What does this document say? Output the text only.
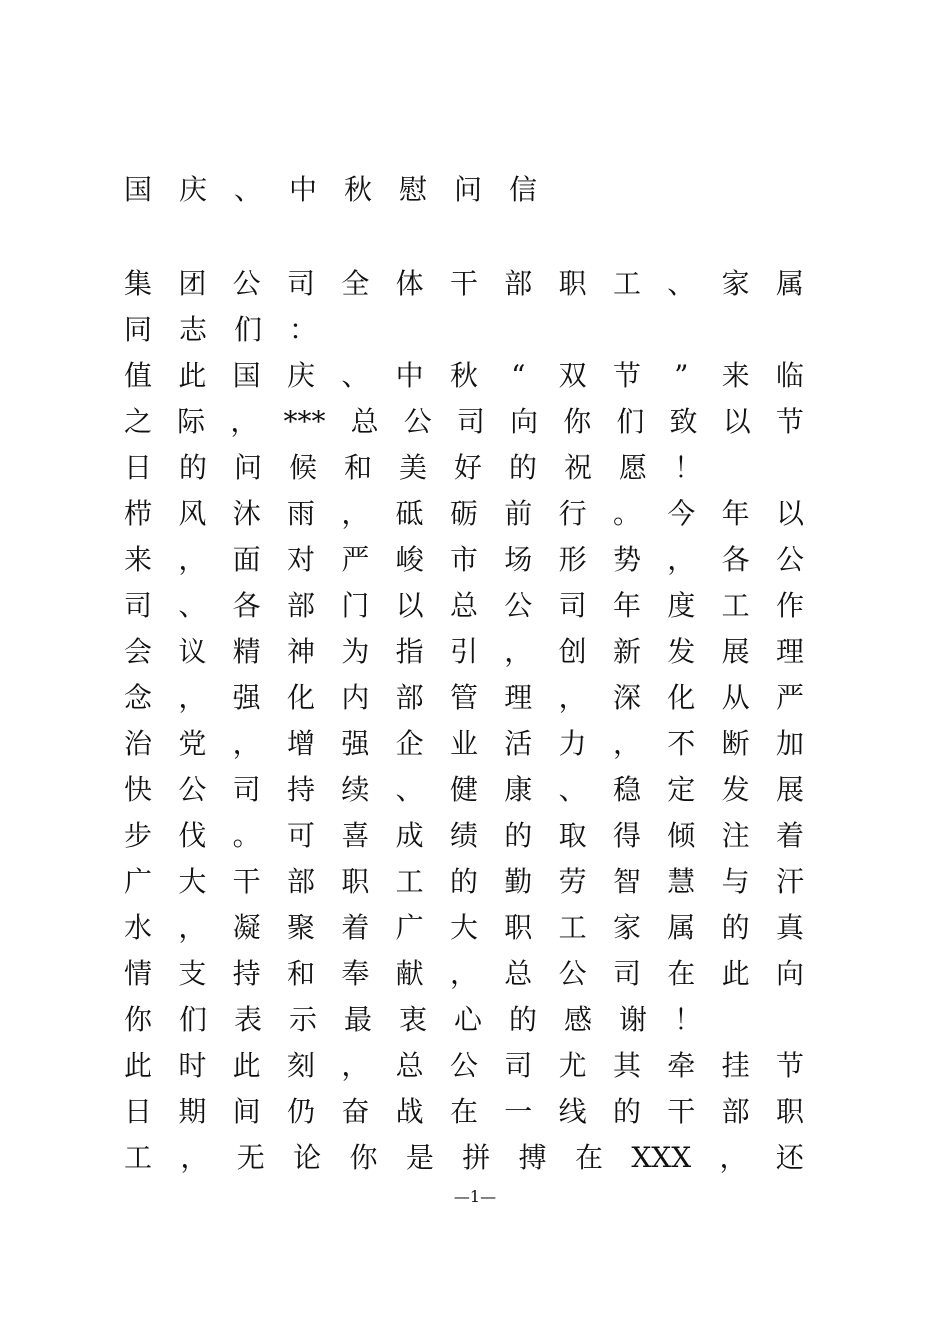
国庆、中秋慰问信
集 团 公 司 全 体 干 部 职 工 、 家 属
同志们：
值 此 国 庆 、 中 秋 “ 双 节 ” 来 临
之 际 ， *** 总 公 司 向 你 们 致 以 节
日的问候和美好的祝愿！
栉 风 沐 雨 ， 砥 砺 前 行 。 今 年 以
来 ， 面 对 严 峻 市 场 形 势 ， 各 公
司 、 各 部 门 以 总 公 司 年 度 工 作
会 议 精 神 为 指 引 ， 创 新 发 展 理
念 ， 强 化 内 部 管 理 ， 深 化 从 严
治 党 ， 增 强 企 业 活 力 ， 不 断 加
快 公 司 持 续 、 健 康 、 稳 定 发 展
步 伐 。 可 喜 成 绩 的 取 得 倾 注 着
广 大 干 部 职 工 的 勤 劳 智 慧 与 汗
水 ， 凝 聚 着 广 大 职 工 家 属 的 真
情 支 持 和 奉 献 ， 总 公 司 在 此 向
你们表示最衷心的感谢！
此 时 此 刻 ， 总 公 司 尤 其 牵 挂 节
日 期 间 仍 奋 战 在 一 线 的 干 部 职
工 ， 无 论 你 是 拼 搏 在 XXX ， 还
—1—
